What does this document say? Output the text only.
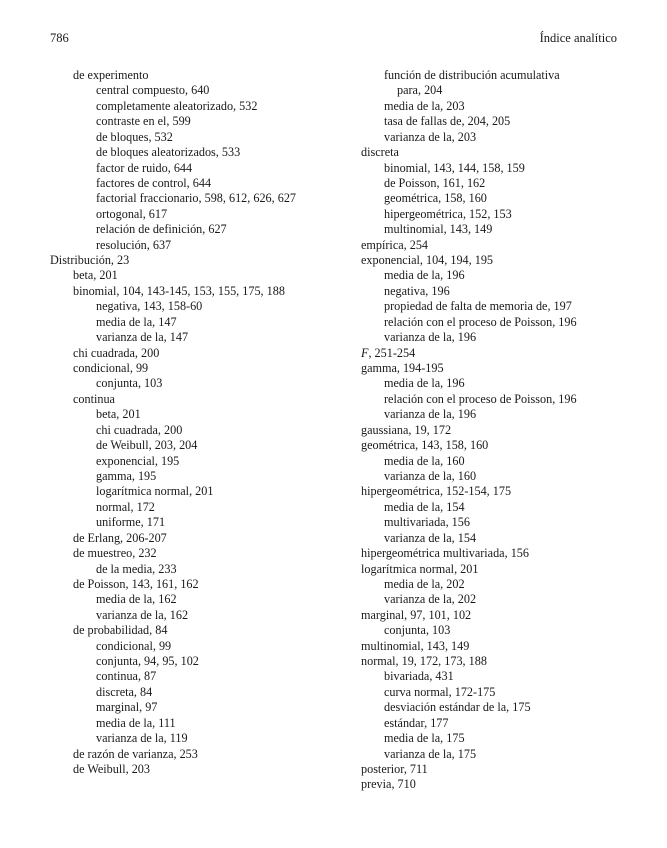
786	Índice analítico
de experimento
central compuesto, 640
completamente aleatorizado, 532
contraste en el, 599
de bloques, 532
de bloques aleatorizados, 533
factor de ruido, 644
factores de control, 644
factorial fraccionario, 598, 612, 626, 627
ortogonal, 617
relación de definición, 627
resolución, 637
Distribución, 23
beta, 201
binomial, 104, 143-145, 153, 155, 175, 188
negativa, 143, 158-60
media de la, 147
varianza de la, 147
chi cuadrada, 200
condicional, 99
conjunta, 103
continua
beta, 201
chi cuadrada, 200
de Weibull, 203, 204
exponencial, 195
gamma, 195
logarítmica normal, 201
normal, 172
uniforme, 171
de Erlang, 206-207
de muestreo, 232
de la media, 233
de Poisson, 143, 161, 162
media de la, 162
varianza de la, 162
de probabilidad, 84
condicional, 99
conjunta, 94, 95, 102
continua, 87
discreta, 84
marginal, 97
media de la, 111
varianza de la, 119
de razón de varianza, 253
de Weibull, 203
función de distribución acumulativa
para, 204
media de la, 203
tasa de fallas de, 204, 205
varianza de la, 203
discreta
binomial, 143, 144, 158, 159
de Poisson, 161, 162
geométrica, 158, 160
hipergeométrica, 152, 153
multinomial, 143, 149
empírica, 254
exponencial, 104, 194, 195
media de la, 196
negativa, 196
propiedad de falta de memoria de, 197
relación con el proceso de Poisson, 196
varianza de la, 196
F, 251-254
gamma, 194-195
media de la, 196
relación con el proceso de Poisson, 196
varianza de la, 196
gaussiana, 19, 172
geométrica, 143, 158, 160
media de la, 160
varianza de la, 160
hipergeométrica, 152-154, 175
media de la, 154
multivariada, 156
varianza de la, 154
hipergeométrica multivariada, 156
logarítmica normal, 201
media de la, 202
varianza de la, 202
marginal, 97, 101, 102
conjunta, 103
multinomial, 143, 149
normal, 19, 172, 173, 188
bivariada, 431
curva normal, 172-175
desviación estándar de la, 175
estándar, 177
media de la, 175
varianza de la, 175
posterior, 711
previa, 710
